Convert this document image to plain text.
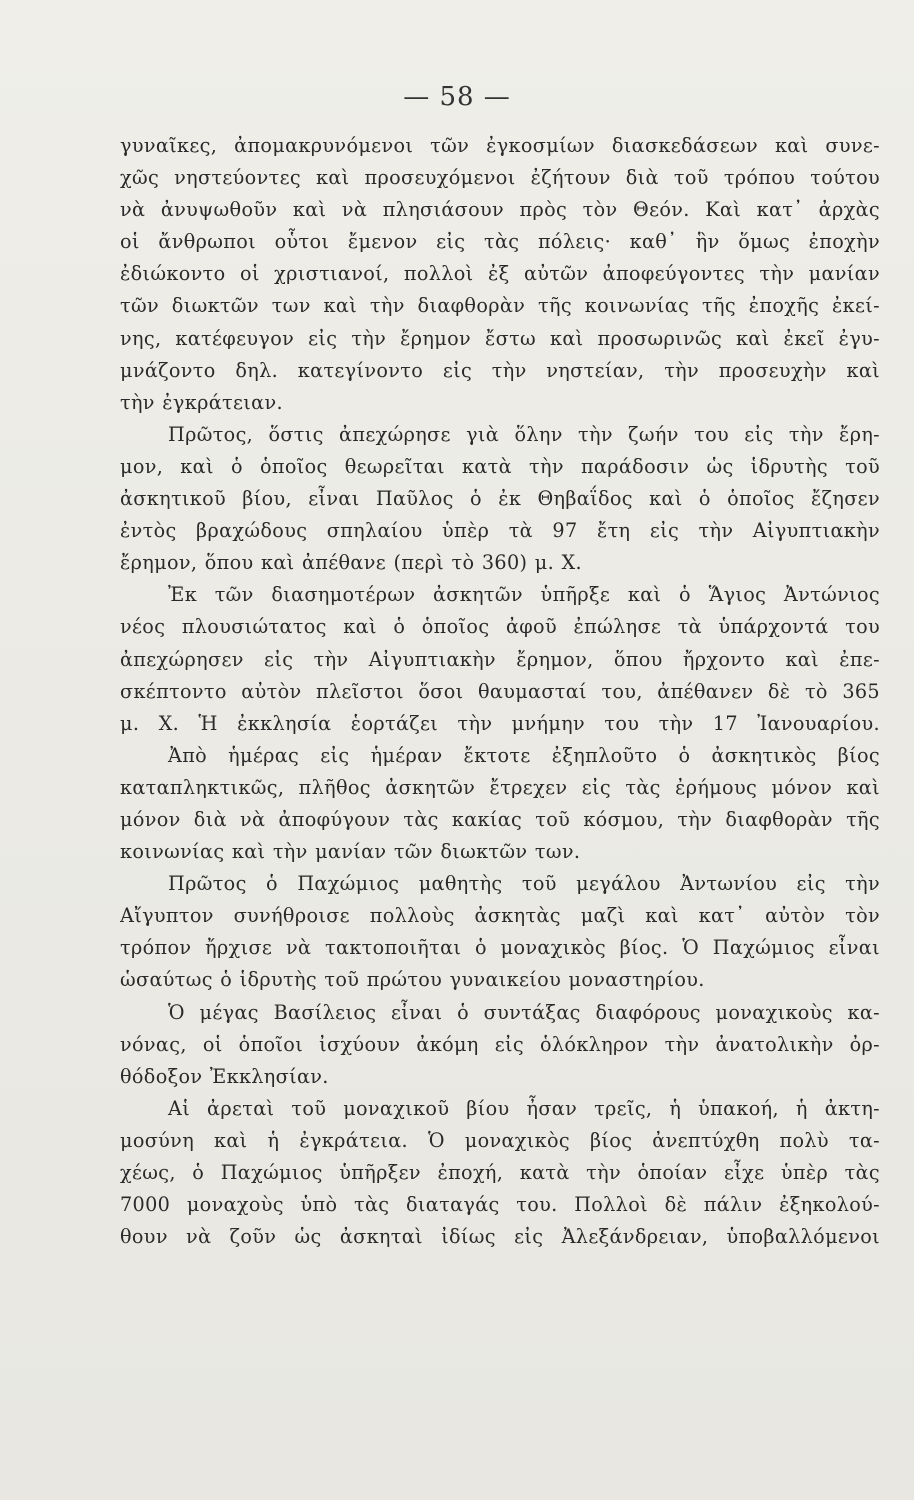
— 58 —
γυναῖκες, ἀπομακρυνόμενοι τῶν ἐγκοσμίων διασκεδάσεων καὶ συνε-
χῶς νηστεύοντες καὶ προσευχόμενοι ἐζήτουν διὰ τοῦ τρόπου τούτου
νὰ ἀνυψωθοῦν καὶ νὰ πλησιάσουν πρὸς τὸν Θεόν. Καὶ κατ᾿ ἀρχὰς
οἱ ἄνθρωποι οὗτοι ἔμενον εἰς τὰς πόλεις· καθ᾿ ἣν ὅμως ἐποχὴν
ἐδιώκοντο οἱ χριστιανοί, πολλοὶ ἐξ αὐτῶν ἀποφεύγοντες τὴν μανίαν
τῶν διωκτῶν των καὶ τὴν διαφθορὰν τῆς κοινωνίας τῆς ἐποχῆς ἐκεί-
νης, κατέφευγον εἰς τὴν ἔρημον ἔστω καὶ προσωρινῶς καὶ ἐκεῖ ἐγυ-
μνάζοντο δηλ. κατεγίνοντο εἰς τὴν νηστείαν, τὴν προσευχὴν καὶ
τὴν ἐγκράτειαν.
Πρῶτος, ὅστις ἀπεχώρησε γιὰ ὅλην τὴν ζωήν του εἰς τὴν ἔρη-
μον, καὶ ὁ ὁποῖος θεωρεῖται κατὰ τὴν παράδοσιν ὡς ἱδρυτὴς τοῦ
ἀσκητικοῦ βίου, εἶναι Παῦλος ὁ ἐκ Θηβαΐδος καὶ ὁ ὁποῖος ἔζησεν
ἐντὸς βραχώδους σπηλαίου ὑπὲρ τὰ 97 ἔτη εἰς τὴν Αἰγυπτιακὴν
ἔρημον, ὅπου καὶ ἀπέθανε (περὶ τὸ 360) μ. Χ.
Ἐκ τῶν διασημοτέρων ἀσκητῶν ὑπῆρξε καὶ ὁ Ἅγιος Ἀντώνιος
νέος πλουσιώτατος καὶ ὁ ὁποῖος ἀφοῦ ἐπώλησε τὰ ὑπάρχοντά του
ἀπεχώρησεν εἰς τὴν Αἰγυπτιακὴν ἔρημον, ὅπου ἤρχοντο καὶ ἐπε-
σκέπτοντο αὐτὸν πλεῖστοι ὅσοι θαυμασταί του, ἀπέθανεν δὲ τὸ 365
μ. Χ. Ἡ ἐκκλησία ἑορτάζει τὴν μνήμην του τὴν 17 Ἰανουαρίου.
Ἀπὸ ἡμέρας εἰς ἡμέραν ἔκτοτε ἐξηπλοῦτο ὁ ἀσκητικὸς βίος
καταπληκτικῶς, πλῆθος ἀσκητῶν ἔτρεχεν εἰς τὰς ἐρήμους μόνον καὶ
μόνον διὰ νὰ ἀποφύγουν τὰς κακίας τοῦ κόσμου, τὴν διαφθορὰν τῆς
κοινωνίας καὶ τὴν μανίαν τῶν διωκτῶν των.
Πρῶτος ὁ Παχώμιος μαθητὴς τοῦ μεγάλου Ἀντωνίου εἰς τὴν
Αἴγυπτον συνήθροισε πολλοὺς ἀσκητὰς μαζὶ καὶ κατ᾿ αὐτὸν τὸν
τρόπον ἤρχισε νὰ τακτοποιῆται ὁ μοναχικὸς βίος. Ὁ Παχώμιος εἶναι
ὡσαύτως ὁ ἱδρυτὴς τοῦ πρώτου γυναικείου μοναστηρίου.
Ὁ μέγας Βασίλειος εἶναι ὁ συντάξας διαφόρους μοναχικοὺς κα-
νόνας, οἱ ὁποῖοι ἰσχύουν ἀκόμη εἰς ὁλόκληρον τὴν ἀνατολικὴν ὀρ-
θόδοξον Ἐκκλησίαν.
Αἱ ἀρεταὶ τοῦ μοναχικοῦ βίου ἦσαν τρεῖς, ἡ ὑπακοή, ἡ ἀκτη-
μοσύνη καὶ ἡ ἐγκράτεια. Ὁ μοναχικὸς βίος ἀνεπτύχθη πολὺ τα-
χέως, ὁ Παχώμιος ὑπῆρξεν ἐποχή, κατὰ τὴν ὁποίαν εἶχε ὑπὲρ τὰς
7000 μοναχοὺς ὑπὸ τὰς διαταγάς του. Πολλοὶ δὲ πάλιν ἐξηκολού-
θουν νὰ ζοῦν ὡς ἀσκηταὶ ἰδίως εἰς Ἀλεξάνδρειαν, ὑποβαλλόμενοι
